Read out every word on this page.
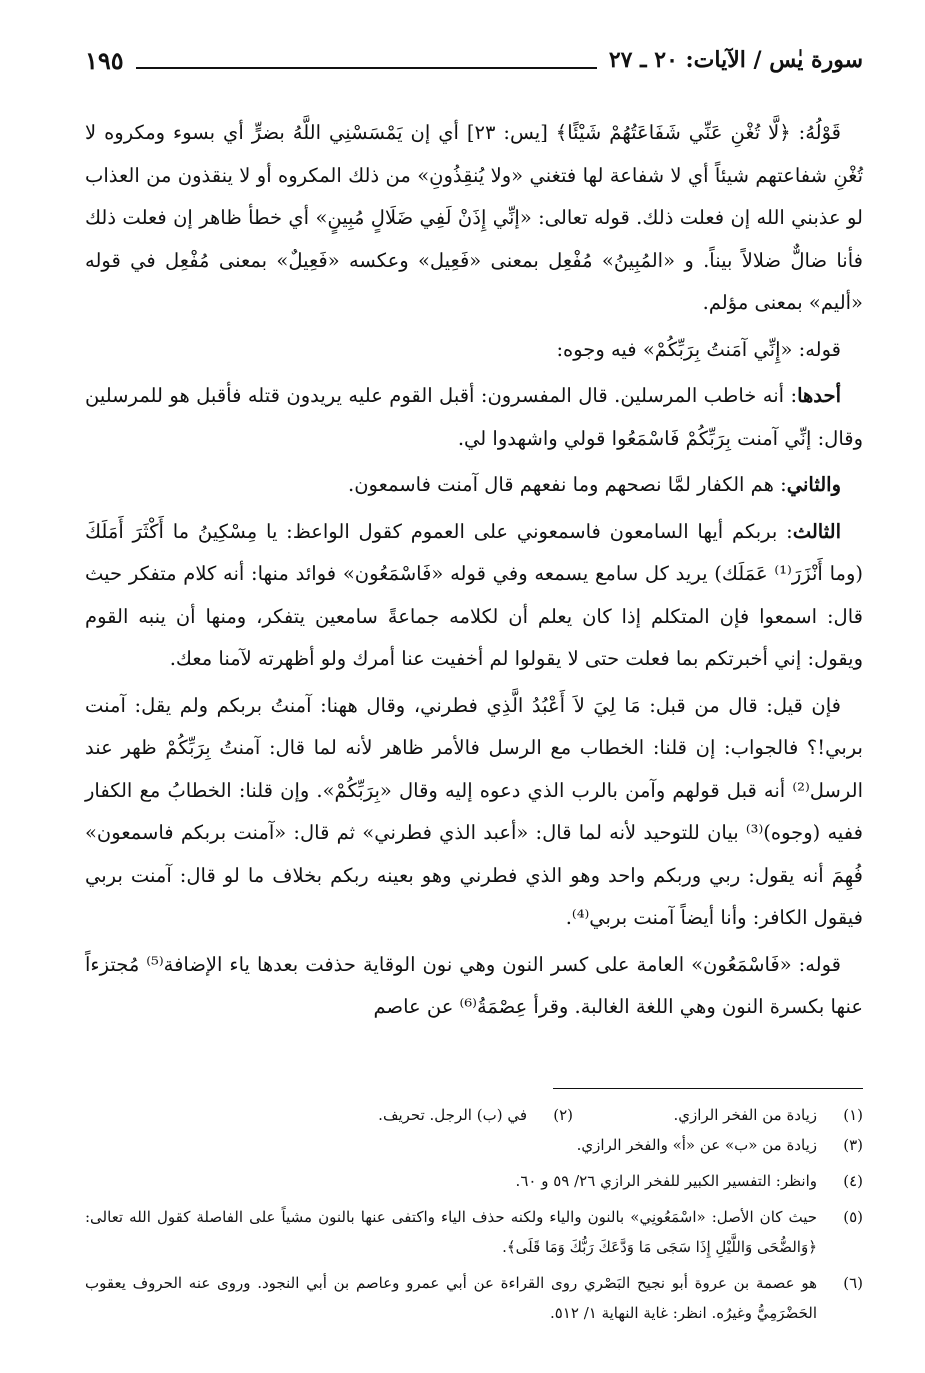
سورة يٰس / الآيات: ٢٠ ـ ٢٧
١٩٥

قَوْلُهُ: ﴿لَّا تُغْنِ عَنِّي شَفَاعَتُهُمْ شَيْئًا﴾ [يس: ٢٣] أي إن يَمْسَسْنِي اللَّهُ بضرٍّ أي بسوء ومكروه لا تُغْنِ شفاعتهم شيئاً أي لا شفاعة لها فتغني «ولا يُنقِذُونِ» من ذلك المكروه أو لا ينقذون من العذاب لو عذبني الله إن فعلت ذلك. قوله تعالى: «إنِّي إِذَنْ لَفِي ضَلَالٍ مُبِينٍ» أي خطأ ظاهر إن فعلت ذلك فأنا ضالٌّ ضلالاً بيناً. و «المُبِينُ» مُفْعِل بمعنى «فَعِيل» وعكسه «فَعِيلٌ» بمعنى مُفْعِل في قوله «أليم» بمعنى مؤلم.

قوله: «إِنِّي آمَنتُ بِرَبِّكُمْ» فيه وجوه:

أحدها: أنه خاطب المرسلين. قال المفسرون: أقبل القوم عليه يريدون قتله فأقبل هو للمرسلين وقال: إنِّي آمنت بِرَبِّكُمْ فَاسْمَعُوا قولي واشهدوا لي.

والثاني: هم الكفار لمَّا نصحهم وما نفعهم قال آمنت فاسمعون.

الثالث: بربكم أيها السامعون فاسمعوني على العموم كقول الواعظ: يا مِسْكِينُ ما أَكْثَرَ أَمَلَكَ (وما أَنْزَرَ⁽¹⁾ عَمَلَك) يريد كل سامع يسمعه وفي قوله «فَاسْمَعُون» فوائد منها: أنه كلام متفكر حيث قال: اسمعوا فإن المتكلم إذا كان يعلم أن لكلامه جماعةً سامعين يتفكر، ومنها أن ينبه القوم ويقول: إني أخبرتكم بما فعلت حتى لا يقولوا لم أخفيت عنا أمرك ولو أظهرته لآمنا معك.

فإن قيل: قال من قبل: مَا لِيَ لاَ أَعْبُدُ الَّذِي فطرني، وقال ههنا: آمنتُ بربكم ولم يقل: آمنت بربي!؟ فالجواب: إن قلنا: الخطاب مع الرسل فالأمر ظاهر لأنه لما قال: آمنتُ بِرَبِّكُمْ ظهر عند الرسل⁽²⁾ أنه قبل قولهم وآمن بالرب الذي دعوه إليه وقال «بِرَبِّكُمْ». وإن قلنا: الخطابُ مع الكفار ففيه (وجوه)⁽³⁾ بيان للتوحيد لأنه لما قال: «أعبد الذي فطرني» ثم قال: «آمنت بربكم فاسمعون» فُهِمَ أنه يقول: ربي وربكم واحد وهو الذي فطرني وهو بعينه ربكم بخلاف ما لو قال: آمنت بربي فيقول الكافر: وأنا أيضاً آمنت بربي⁽⁴⁾.

قوله: «فَاسْمَعُون» العامة على كسر النون وهي نون الوقاية حذفت بعدها ياء الإضافة⁽⁵⁾ مُجتزءاً عنها بكسرة النون وهي اللغة الغالبة. وقرأ عِصْمَةُ⁽⁶⁾ عن عاصم

(١)
زيادة من الفخر الرازي.
(٢)
في (ب) الرجل. تحريف.
(٣)
زيادة من «ب» عن «أ» والفخر الرازي.
(٤)
وانظر: التفسير الكبير للفخر الرازي ٢٦/ ٥٩ و ٦٠.
(٥)
حيث كان الأصل: «اسْمَعُونِي» بالنون والياء ولكنه حذف الياء واكتفى عنها بالنون مشياً على الفاصلة كقول الله تعالى: ﴿وَالضُّحَى وَاللَّيْلِ إِذَا سَجَى مَا وَدَّعَكَ رَبُّكَ وَمَا قَلَى﴾.
(٦)
هو عصمة بن عروة أبو نجيح البَصْري روى القراءة عن أبي عمرو وعاصم بن أبي النجود. وروى عنه الحروف يعقوب الحَضْرَمِيُّ وغيرُه. انظر: غاية النهاية ١/ ٥١٢.
